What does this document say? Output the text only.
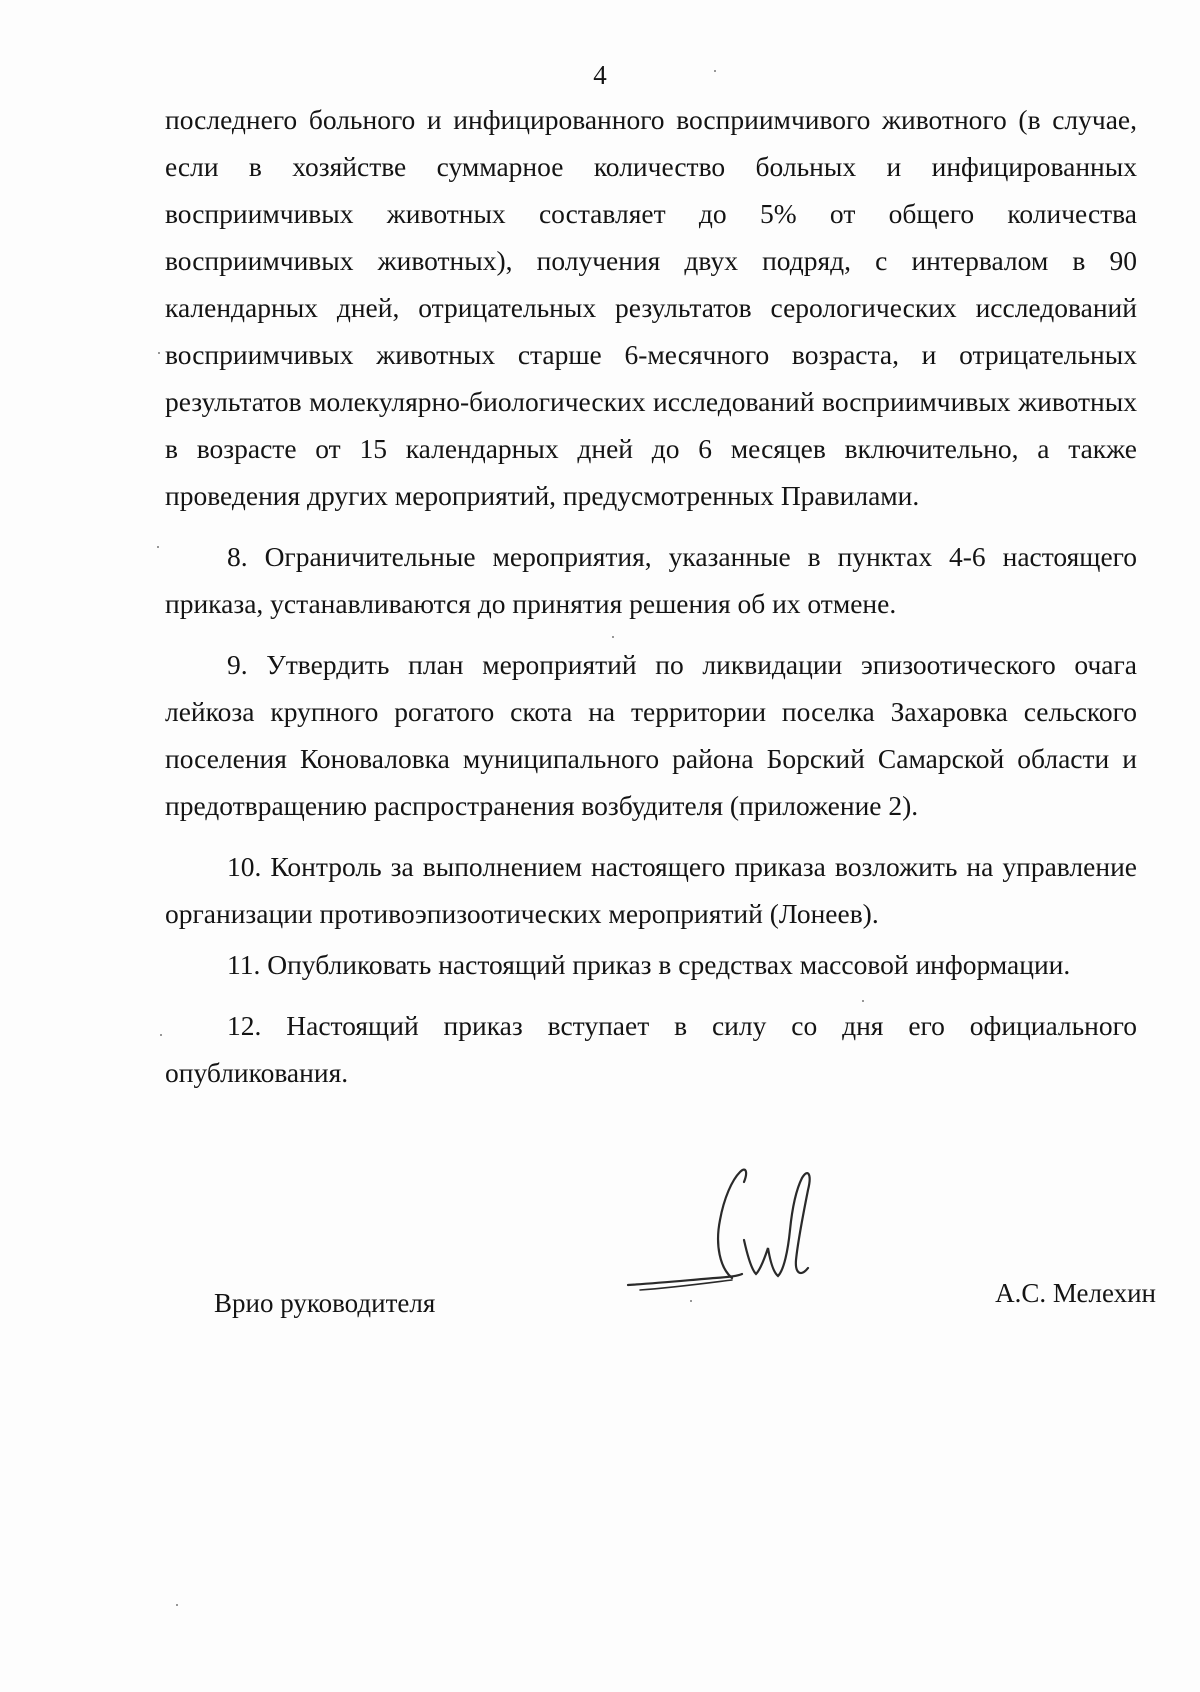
4

последнего больного и инфицированного восприимчивого животного (в случае, если в хозяйстве суммарное количество больных и инфицированных восприимчивых животных составляет до 5% от общего количества восприимчивых животных), получения двух подряд, с интервалом в 90 календарных дней, отрицательных результатов серологических исследований восприимчивых животных старше 6-месячного возраста, и отрицательных результатов молекулярно-биологических исследований восприимчивых животных в возрасте от 15 календарных дней до 6 месяцев включительно, а также проведения других мероприятий, предусмотренных Правилами.

8. Ограничительные мероприятия, указанные в пунктах 4-6 настоящего приказа, устанавливаются до принятия решения об их отмене.

9. Утвердить план мероприятий по ликвидации эпизоотического очага лейкоза крупного рогатого скота на территории поселка Захаровка сельского поселения Коноваловка муниципального района Борский Самарской области и предотвращению распространения возбудителя (приложение 2).

10. Контроль за выполнением настоящего приказа возложить на управление организации противоэпизоотических мероприятий (Лонеев).

11. Опубликовать настоящий приказ в средствах массовой информации.

12. Настоящий приказ вступает в силу со дня его официального опубликования.

Врио руководителя	А.С. Мелехин
